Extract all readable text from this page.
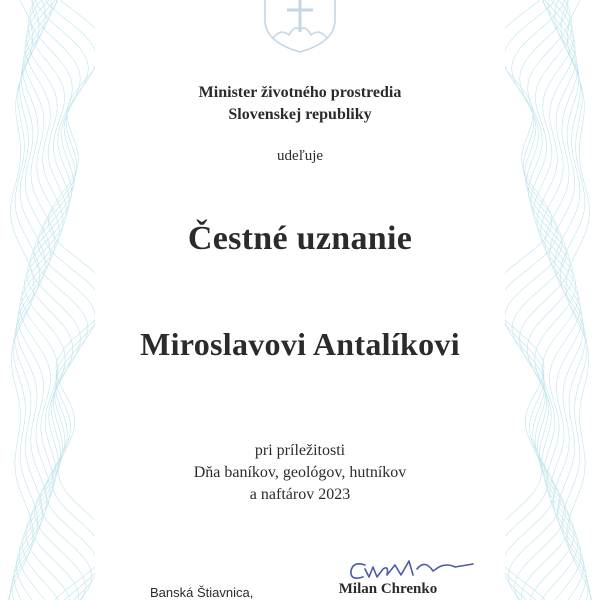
Minister životného prostredia
Slovenskej republiky
udeľuje
Čestné uznanie
Miroslavovi Antalíkovi
pri príležitosti
Dňa baníkov, geológov, hutníkov
a naftárov 2023
Banská Štiavnica,	Milan Chrenko
